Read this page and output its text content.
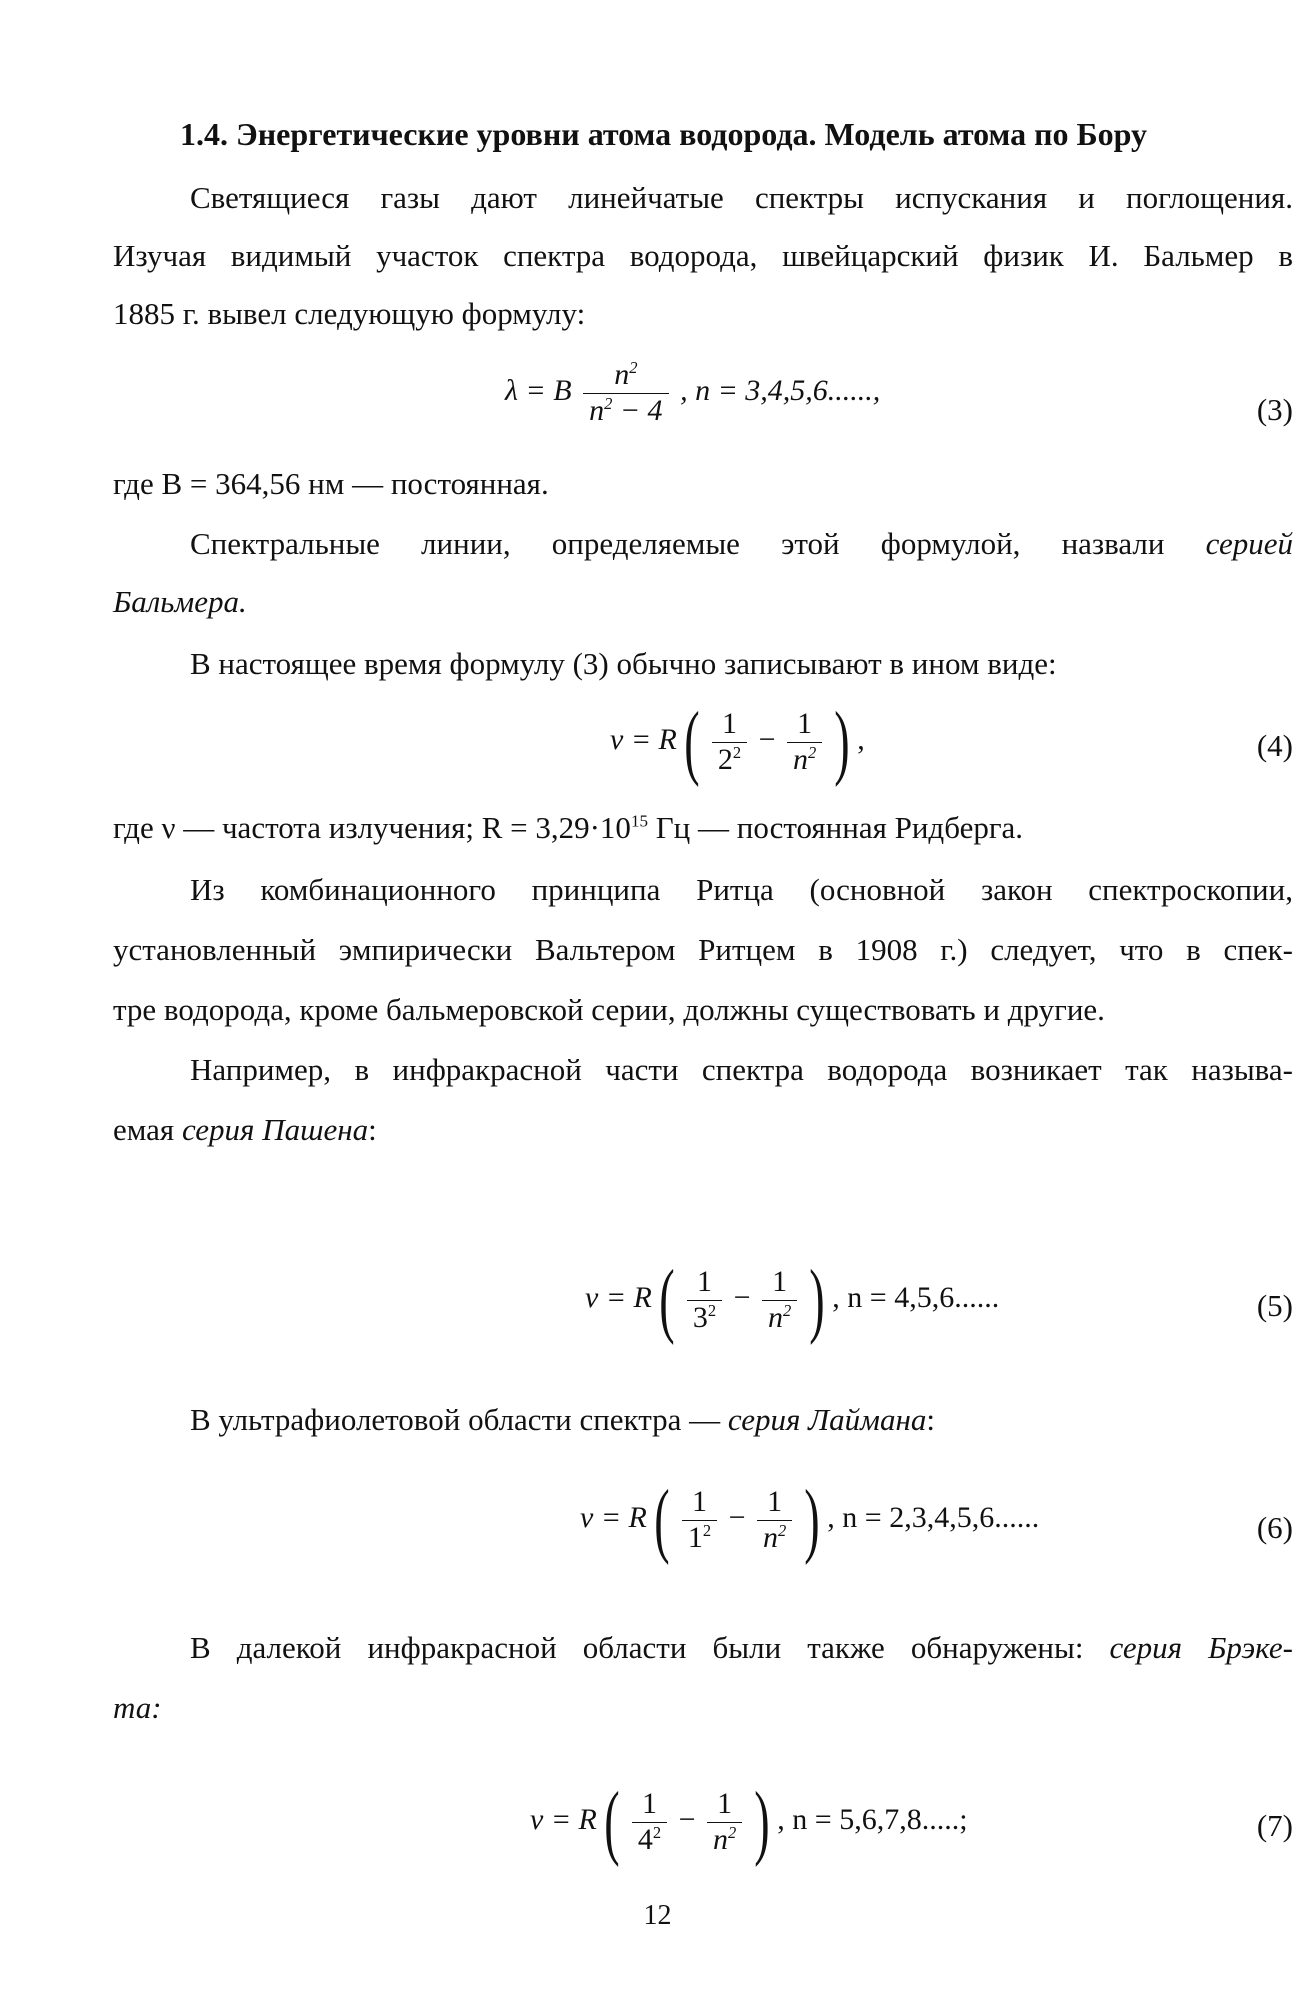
1.4. Энергетические уровни атома водорода. Модель атома по Бору
Светящиеся газы дают линейчатые спектры испускания и поглощения.
Изучая видимый участок спектра водорода, швейцарский физик И. Бальмер в
1885 г. вывел следующую формулу:
λ = B $\frac{n^2}{n^2 - 4}$ , n = 3,4,5,6......,
(3)
где B = 364,56 нм — постоянная.
Спектральные линии, определяемые этой формулой, назвали серией
Бальмера.
В настоящее время формулу (3) обычно записывают в ином виде:
ν = R ( $\frac{1}{2^2} - \frac{1}{n^2}$ ) ,	(4)
где ν — частота излучения; $R = 3,29\cdot 10^{15}$ Гц — постоянная Ридберга.
Из комбинационного принципа Ритца (основной закон спектроскопии,
установленный эмпирически Вальтером Ритцем в 1908 г.) следует, что в спек-
тре водорода, кроме бальмеровской серии, должны существовать и другие.
Например, в инфракрасной части спектра водорода возникает так называ-
емая серия Пашена:
ν = R ( $\frac{1}{3^2} - \frac{1}{n^2}$ ) , n = 4,5,6......	(5)
В ультрафиолетовой области спектра — серия Лаймана:
ν = R ( $\frac{1}{1^2} - \frac{1}{n^2}$ ) , n = 2,3,4,5,6......	(6)
В далекой инфракрасной области были также обнаружены: серия Брэке-
та:
ν = R ( $\frac{1}{4^2} - \frac{1}{n^2}$ ) , n = 5,6,7,8.....;	(7)
12
